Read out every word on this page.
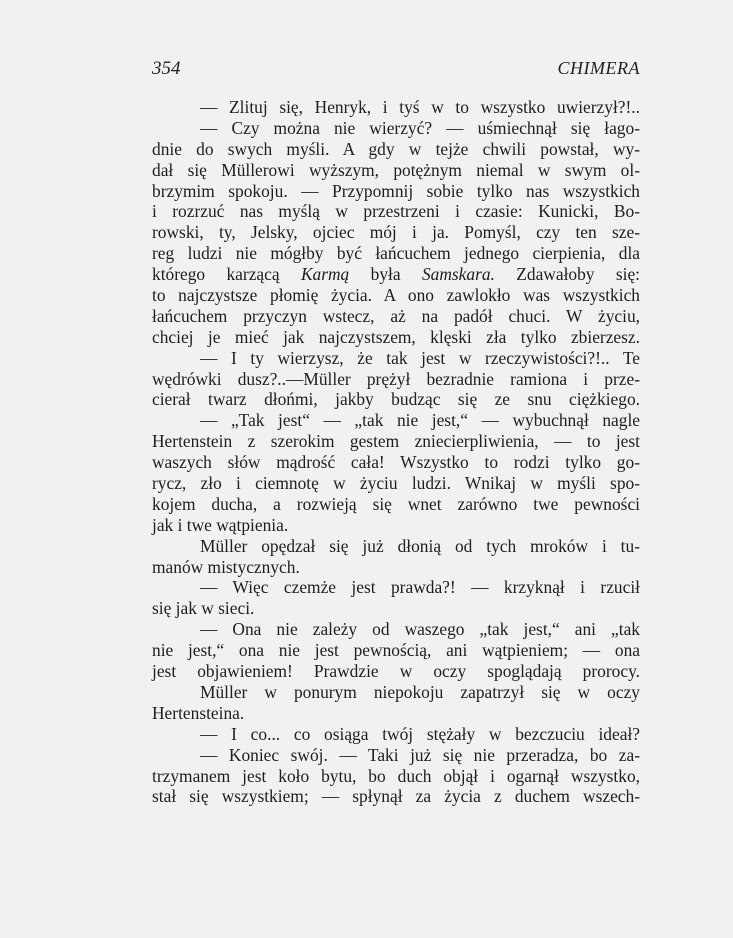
354	CHIMERA
— Zlituj się, Henryk, i tyś w to wszystko uwierzył?!..
— Czy można nie wierzyć? — uśmiechnął się łago-
dnie do swych myśli. A gdy w tejże chwili powstał, wy-
dał się Müllerowi wyższym, potężnym niemal w swym ol-
brzymim spokoju. — Przypomnij sobie tylko nas wszystkich
i rozrzuć nas myślą w przestrzeni i czasie: Kunicki, Bo-
rowski, ty, Jelsky, ojciec mój i ja. Pomyśl, czy ten sze-
reg ludzi nie mógłby być łańcuchem jednego cierpienia, dla
którego karzącą Karmą była Samskara. Zdawałoby się:
to najczystsze płomię życia. A ono zawlokło was wszystkich
łańcuchem przyczyn wstecz, aż na padół chuci. W życiu,
chciej je mieć jak najczystszem, klęski zła tylko zbierzesz.
— I ty wierzysz, że tak jest w rzeczywistości?!.. Te
wędrówki dusz?..—Müller prężył bezradnie ramiona i prze-
cierał twarz dłońmi, jakby budząc się ze snu ciężkiego.
— „Tak jest“ — „tak nie jest,“ — wybuchnął nagle
Hertenstein z szerokim gestem zniecierpliwienia, — to jest
waszych słów mądrość cała! Wszystko to rodzi tylko go-
rycz, zło i ciemnotę w życiu ludzi. Wnikaj w myśli spo-
kojem ducha, a rozwieją się wnet zarówno twe pewności
jak i twe wątpienia.
Müller opędzał się już dłonią od tych mroków i tu-
manów mistycznych.
— Więc czemże jest prawda?! — krzyknął i rzucił
się jak w sieci.
— Ona nie zależy od waszego „tak jest,“ ani „tak
nie jest,“ ona nie jest pewnością, ani wątpieniem; — ona
jest objawieniem! Prawdzie w oczy spoglądają prorocy.
Müller w ponurym niepokoju zapatrzył się w oczy
Hertensteina.
— I co... co osiąga twój stężały w bezczuciu ideał?
— Koniec swój. — Taki już się nie przeradza, bo za-
trzymanem jest koło bytu, bo duch objął i ogarnął wszystko,
stał się wszystkiem; — spłynął za życia z duchem wszech-
